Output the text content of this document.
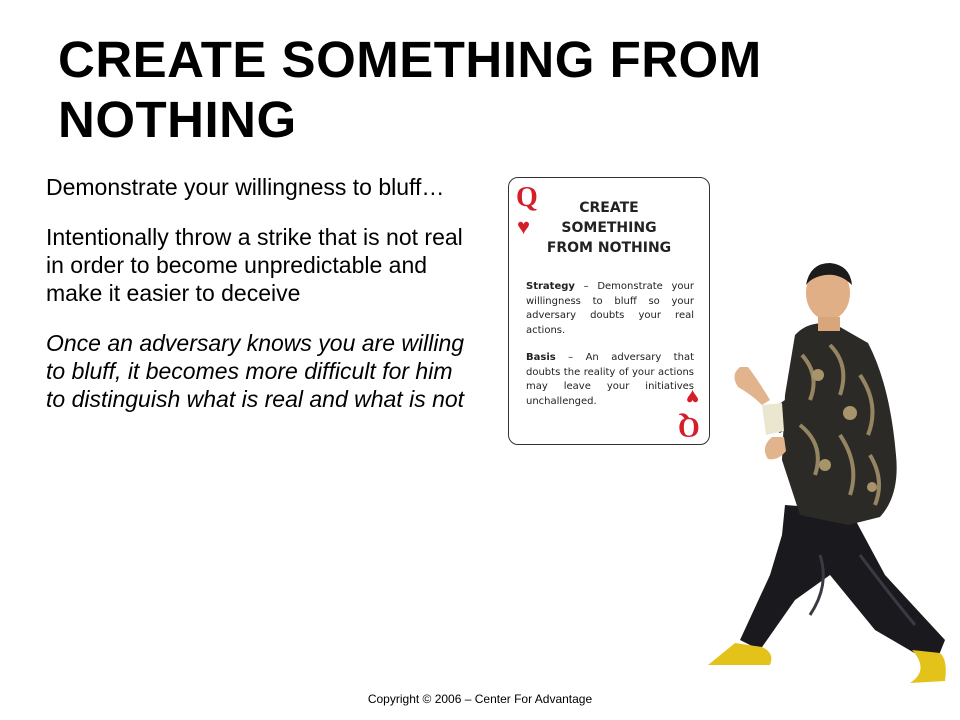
CREATE SOMETHING FROM NOTHING

Demonstrate your willingness to bluff…

Intentionally throw a strike that is not real in order to become unpredictable and make it easier to deceive

Once an adversary knows you are willing to bluff, it becomes more difficult for him to distinguish what is real and what is not

Q
♥
CREATE SOMETHING FROM NOTHING
Strategy – Demonstrate your willingness to bluff so your adversary doubts your real actions.
Basis – An adversary that doubts the reality of your actions may leave your initiatives unchallenged.	♥
Q
Copyright © 2006 – Center For Advantage
